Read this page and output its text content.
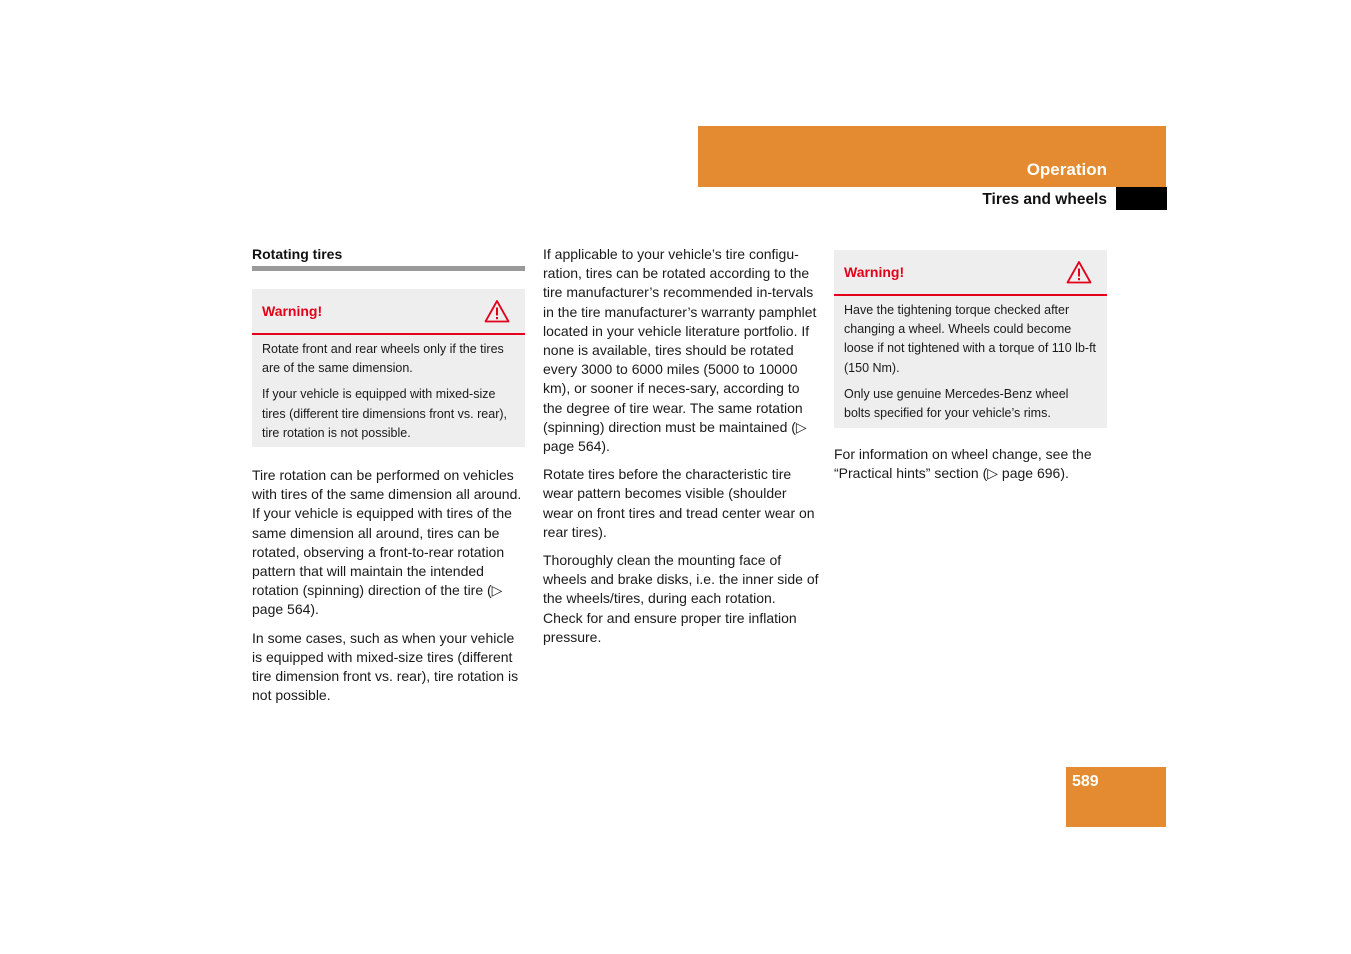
Operation
Tires and wheels
Rotating tires
Warning!

Rotate front and rear wheels only if the tires are of the same dimension.

If your vehicle is equipped with mixed-size tires (different tire dimensions front vs. rear), tire rotation is not possible.

Tire rotation can be performed on vehicles with tires of the same dimension all around. If your vehicle is equipped with tires of the same dimension all around, tires can be rotated, observing a front-to-rear rotation pattern that will maintain the intended rotation (spinning) direction of the tire (▷ page 564).

In some cases, such as when your vehicle is equipped with mixed-size tires (different tire dimension front vs. rear), tire rotation is not possible.

If applicable to your vehicle’s tire configu-ration, tires can be rotated according to the tire manufacturer’s recommended in-tervals in the tire manufacturer’s warranty pamphlet located in your vehicle literature portfolio. If none is available, tires should be rotated every 3000 to 6000 miles (5000 to 10000 km), or sooner if neces-sary, according to the degree of tire wear. The same rotation (spinning) direction must be maintained (▷ page 564).

Rotate tires before the characteristic tire wear pattern becomes visible (shoulder wear on front tires and tread center wear on rear tires).

Thoroughly clean the mounting face of wheels and brake disks, i.e. the inner side of the wheels/tires, during each rotation. Check for and ensure proper tire inflation pressure.

Warning!

Have the tightening torque checked after changing a wheel. Wheels could become loose if not tightened with a torque of 110 lb-ft (150 Nm).

Only use genuine Mercedes-Benz wheel bolts specified for your vehicle’s rims.

For information on wheel change, see the “Practical hints” section (▷ page 696).

589
